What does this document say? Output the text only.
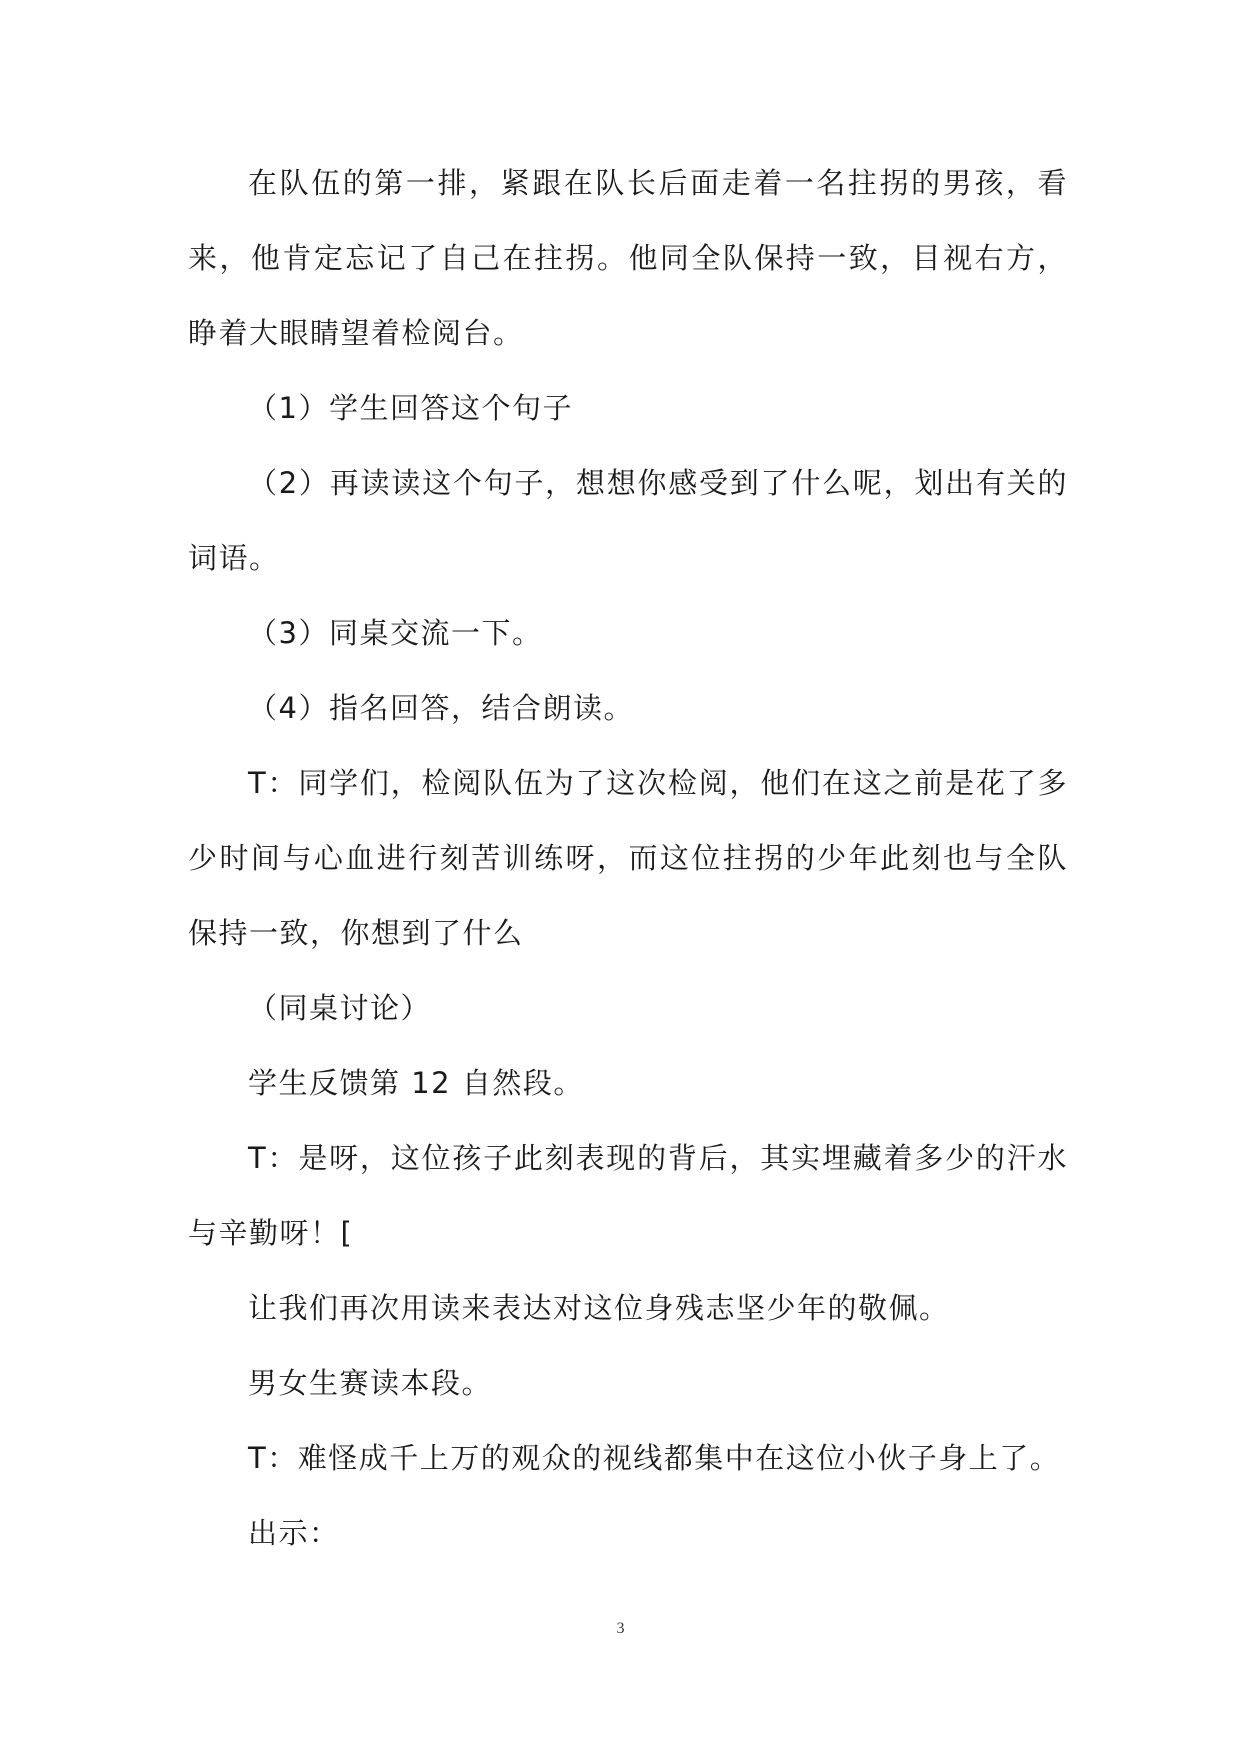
在队伍的第一排，紧跟在队长后面走着一名拄拐的男孩，看来，他肯定忘记了自己在拄拐。他同全队保持一致，目视右方，睁着大眼睛望着检阅台。

（1）学生回答这个句子

（2）再读读这个句子，想想你感受到了什么呢，划出有关的词语。

（3）同桌交流一下。

（4）指名回答，结合朗读。

T：同学们，检阅队伍为了这次检阅，他们在这之前是花了多少时间与心血进行刻苦训练呀，而这位拄拐的少年此刻也与全队保持一致，你想到了什么

（同桌讨论）

学生反馈第 12 自然段。

T：是呀，这位孩子此刻表现的背后，其实埋藏着多少的汗水与辛勤呀！[

让我们再次用读来表达对这位身残志坚少年的敬佩。

男女生赛读本段。

T：难怪成千上万的观众的视线都集中在这位小伙子身上了。

出示：

3
